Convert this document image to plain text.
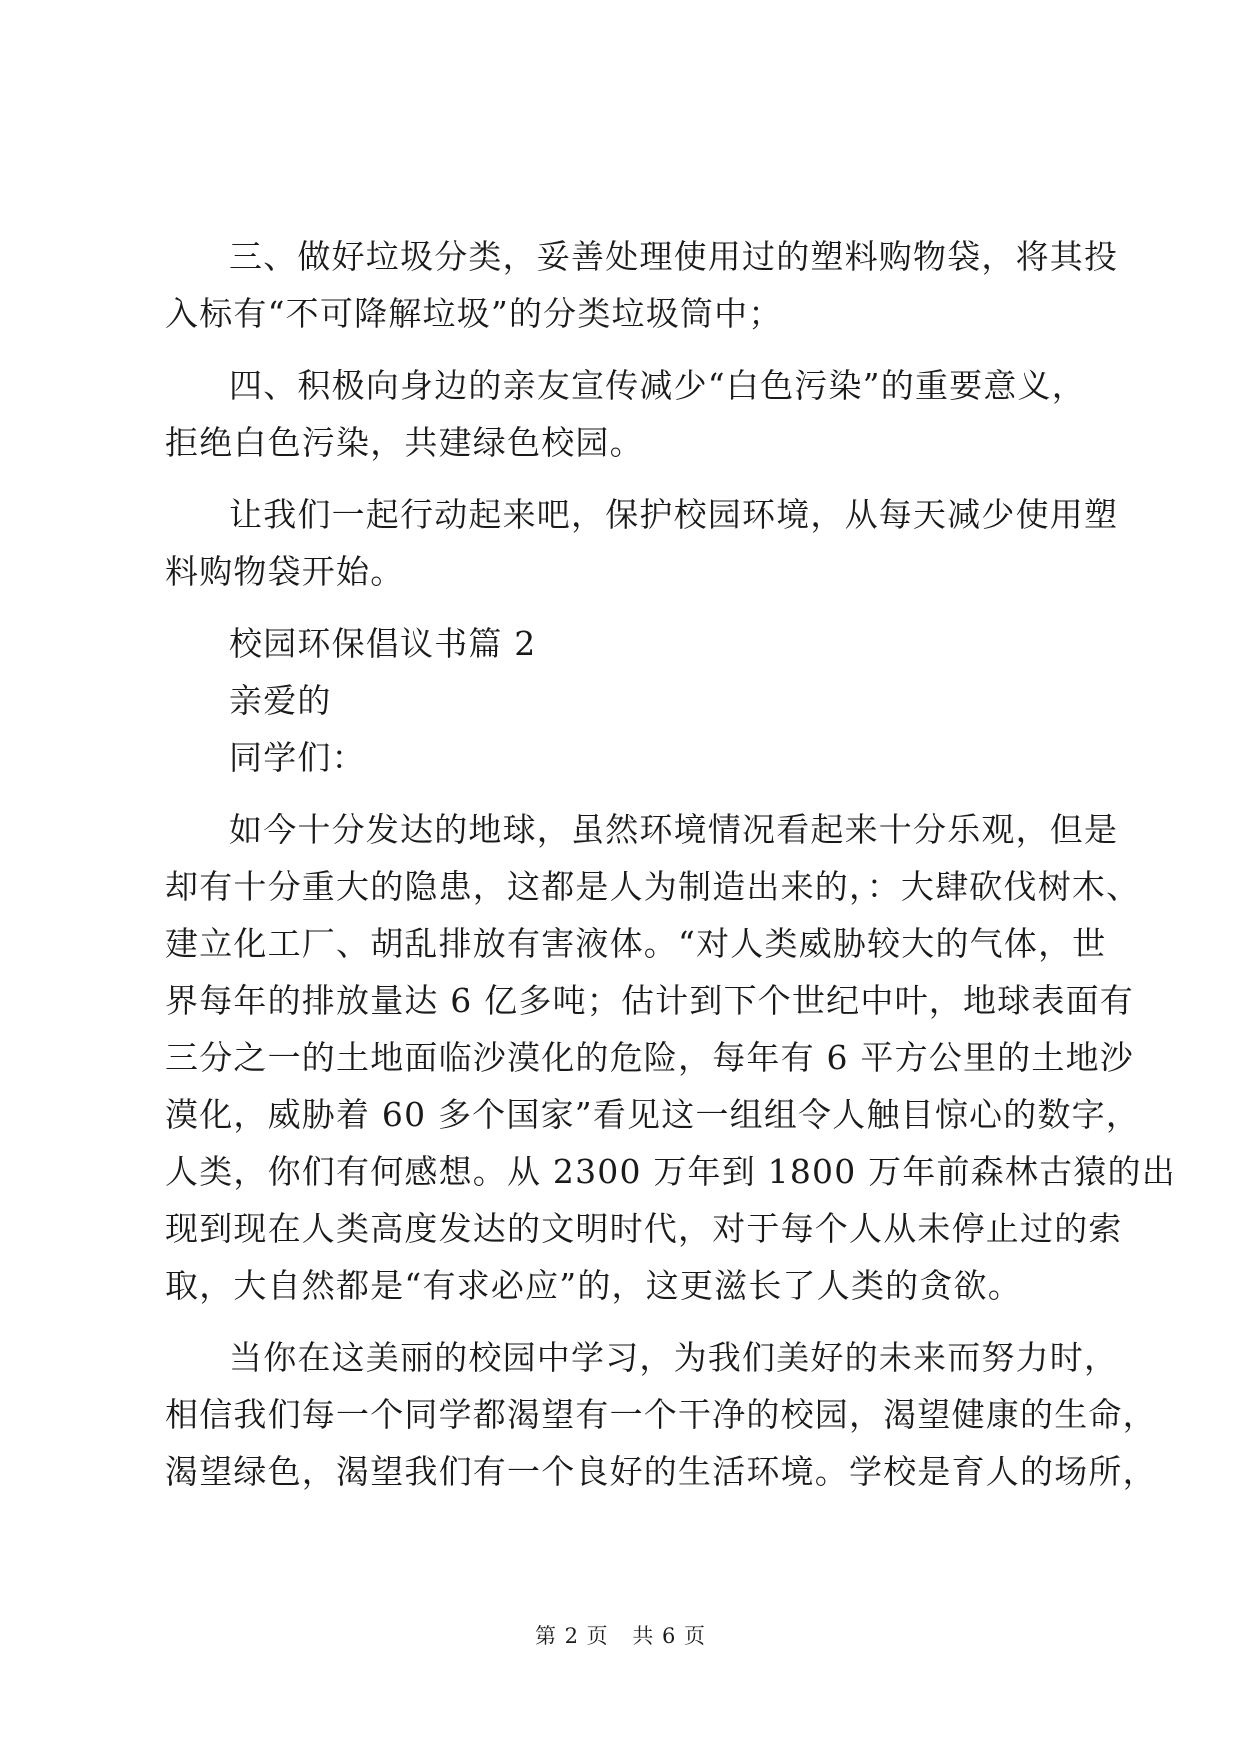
三、做好垃圾分类，妥善处理使用过的塑料购物袋，将其投
入标有“不可降解垃圾”的分类垃圾筒中；
四、积极向身边的亲友宣传减少“白色污染”的重要意义，
拒绝白色污染，共建绿色校园。
让我们一起行动起来吧，保护校园环境，从每天减少使用塑
料购物袋开始。
校园环保倡议书篇 2
亲爱的
同学们：
如今十分发达的地球，虽然环境情况看起来十分乐观，但是
却有十分重大的隐患，这都是人为制造出来的，：大肆砍伐树木、
建立化工厂、胡乱排放有害液体。“对人类威胁较大的气体，世
界每年的排放量达 6 亿多吨；估计到下个世纪中叶，地球表面有
三分之一的土地面临沙漠化的危险，每年有 6 平方公里的土地沙
漠化，威胁着 60 多个国家”看见这一组组令人触目惊心的数字，
人类，你们有何感想。从 2300 万年到 1800 万年前森林古猿的出
现到现在人类高度发达的文明时代，对于每个人从未停止过的索
取，大自然都是“有求必应”的，这更滋长了人类的贪欲。
当你在这美丽的校园中学习，为我们美好的未来而努力时，
相信我们每一个同学都渴望有一个干净的校园，渴望健康的生命，
渴望绿色，渴望我们有一个良好的生活环境。学校是育人的场所，
第 2 页 共 6 页
